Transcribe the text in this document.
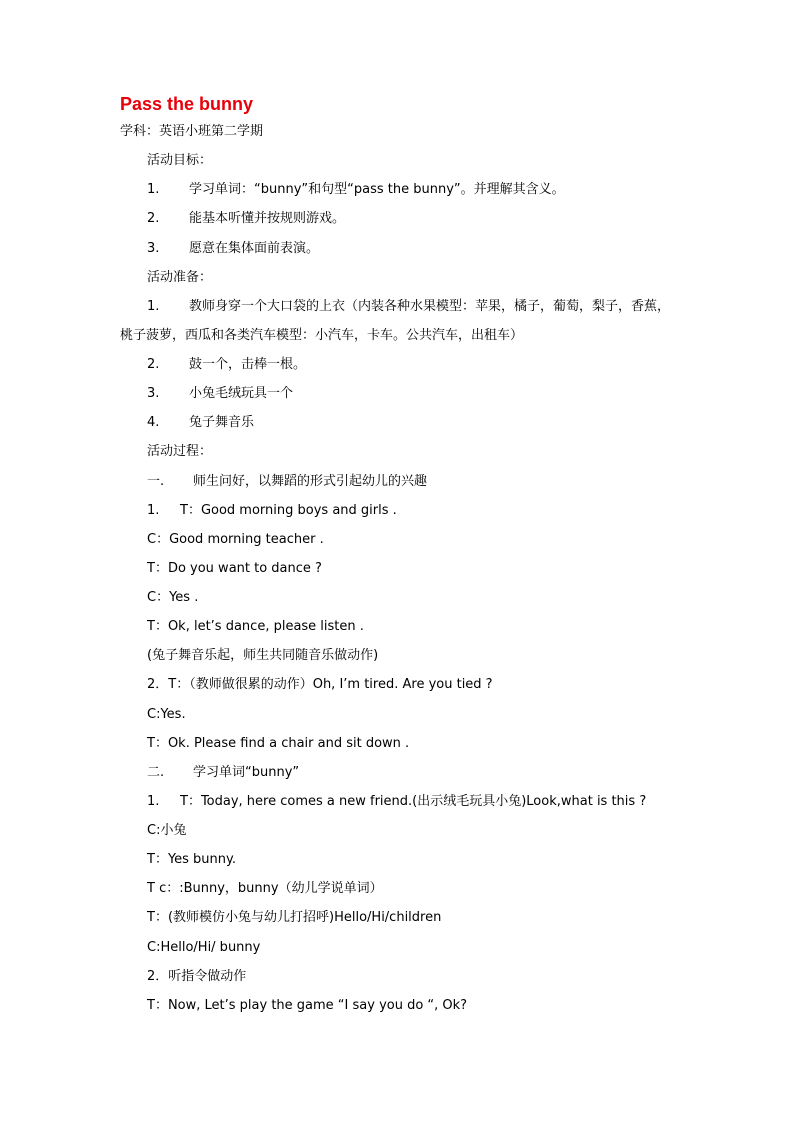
Pass the bunny
学科：英语小班第二学期
活动目标：
1. 学习单词：“bunny”和句型“pass the bunny”。并理解其含义。
2. 能基本听懂并按规则游戏。
3. 愿意在集体面前表演。
活动准备：
1. 教师身穿一个大口袋的上衣（内装各种水果模型：苹果，橘子，葡萄，梨子，香蕉，
桃子菠萝，西瓜和各类汽车模型：小汽车，卡车。公共汽车，出租车）
2. 鼓一个，击棒一根。
3. 小兔毛绒玩具一个
4. 兔子舞音乐
活动过程：
一. 师生问好，以舞蹈的形式引起幼儿的兴趣
1. T：Good morning boys and girls .
C：Good morning teacher .
T：Do you want to dance ?
C：Yes .
T：Ok, let’s dance, please listen .
(兔子舞音乐起，师生共同随音乐做动作)
2．T：（教师做很累的动作）Oh, I’m tired. Are you tied ?
C:Yes.
T：Ok. Please find a chair and sit down .
二. 学习单词“bunny”
1. T：Today, here comes a new friend.(出示绒毛玩具小兔)Look,what is this ?
C:小兔
T：Yes bunny.
T c：:Bunny，bunny（幼儿学说单词）
T：(教师模仿小兔与幼儿打招呼)Hello/Hi/children
C:Hello/Hi/ bunny
2．听指令做动作
T：Now, Let’s play the game “I say you do “, Ok?
